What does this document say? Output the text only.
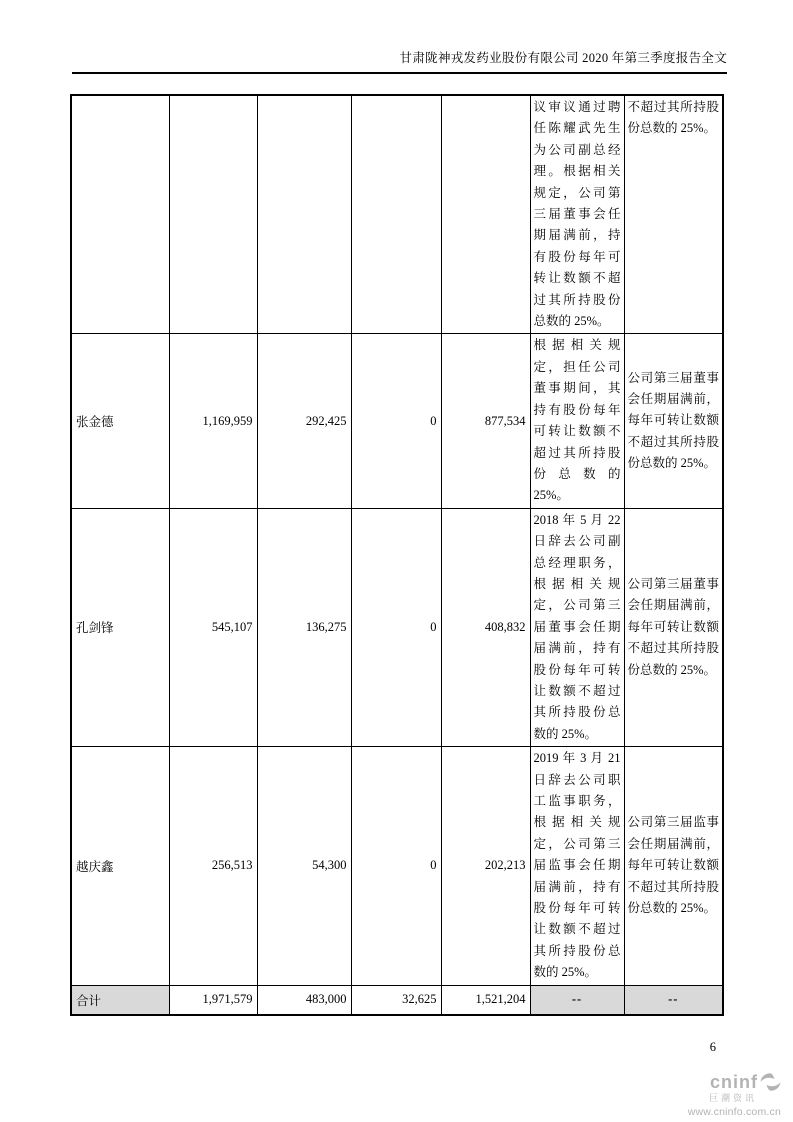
甘肃陇神戎发药业股份有限公司 2020 年第三季度报告全文
					议审议通过聘任陈耀武先生为公司副总经理。根据相关规定，公司第三届董事会任期届满前，持有股份每年可转让数额不超过其所持股份总数的 25%。	不超过其所持股份总数的 25%。
张金德	1,169,959	292,425	0	877,534	根据相关规定，担任公司董事期间，其持有股份每年可转让数额不超过其所持股份总数的 25%。	公司第三届董事会任期届满前，每年可转让数额不超过其所持股份总数的 25%。
孔剑锋	545,107	136,275	0	408,832	2018 年 5 月 22 日辞去公司副总经理职务，根据相关规定，公司第三届董事会任期届满前，持有股份每年可转让数额不超过其所持股份总数的 25%。	公司第三届董事会任期届满前，每年可转让数额不超过其所持股份总数的 25%。
越庆鑫	256,513	54,300	0	202,213	2019 年 3 月 21 日辞去公司职工监事职务，根据相关规定，公司第三届监事会任期届满前，持有股份每年可转让数额不超过其所持股份总数的 25%。	公司第三届监事会任期届满前，每年可转让数额不超过其所持股份总数的 25%。
合计	1,971,579	483,000	32,625	1,521,204	--	--
6
cninf
巨潮资讯
www.cninfo.com.cn
